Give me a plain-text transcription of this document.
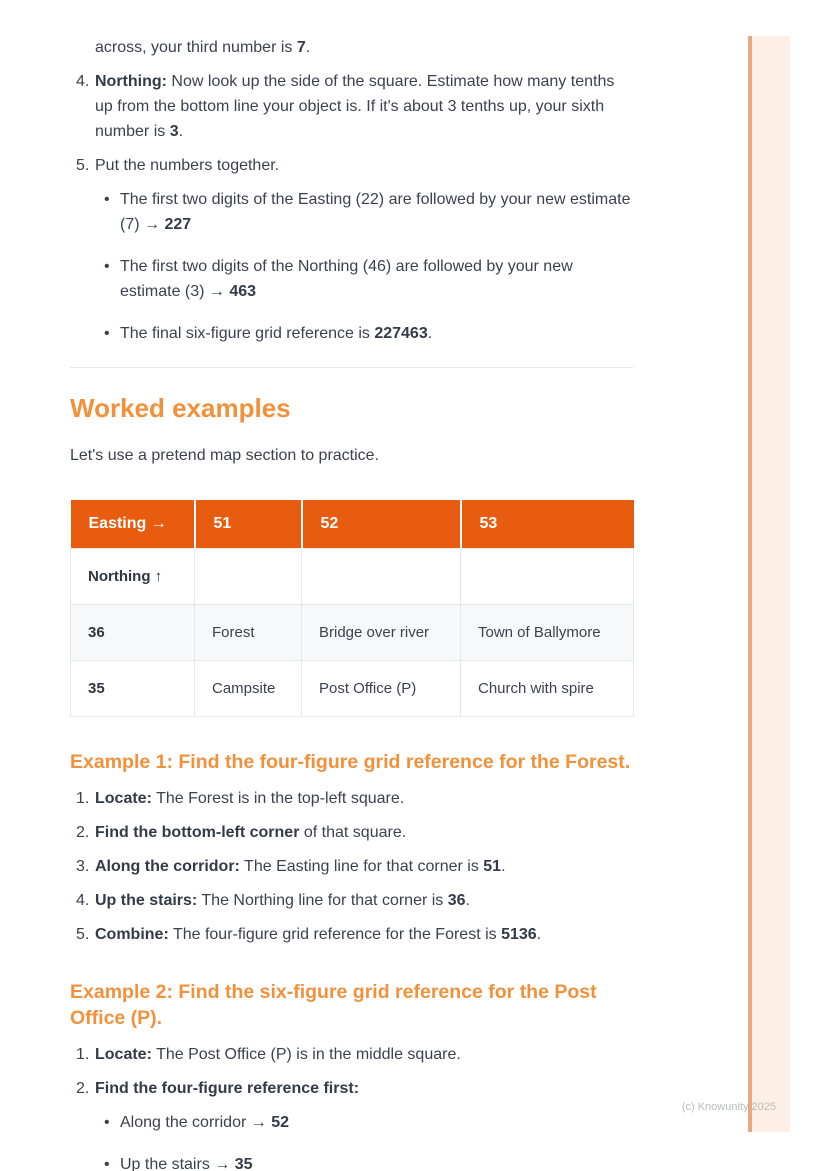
across, your third number is 7.

4. Northing: Now look up the side of the square. Estimate how many tenths up from the bottom line your object is. If it's about 3 tenths up, your sixth number is 3.

5. Put the numbers together.

• The first two digits of the Easting (22) are followed by your new estimate (7) → 227

• The first two digits of the Northing (46) are followed by your new estimate (3) → 463

• The final six-figure grid reference is 227463.

Worked examples

Let's use a pretend map section to practice.

Easting →	51	52	53
Northing ↑			
36	Forest	Bridge over river	Town of Ballymore
35	Campsite	Post Office (P)	Church with spire
Example 1: Find the four-figure grid reference for the Forest.
1. Locate: The Forest is in the top-left square.

2. Find the bottom-left corner of that square.

3. Along the corridor: The Easting line for that corner is 51.

4. Up the stairs: The Northing line for that corner is 36.

5. Combine: The four-figure grid reference for the Forest is 5136.

Example 2: Find the six-figure grid reference for the Post Office (P).
1. Locate: The Post Office (P) is in the middle square.

2. Find the four-figure reference first:

• Along the corridor → 52

• Up the stairs → 35

(c) Knowunity 2025
